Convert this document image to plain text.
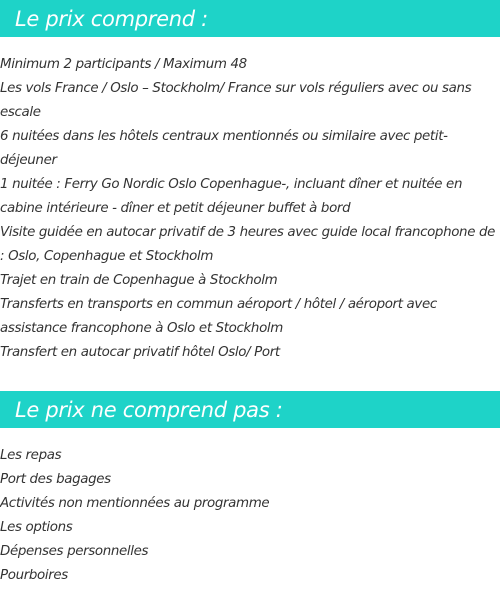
Le prix comprend :
Minimum 2 participants / Maximum 48
Les vols France / Oslo – Stockholm/ France sur vols réguliers avec ou sans escale
6 nuitées dans les hôtels centraux mentionnés ou similaire avec petit-déjeuner
1 nuitée : Ferry Go Nordic Oslo Copenhague-, incluant dîner et nuitée en cabine intérieure - dîner et petit déjeuner buffet à bord
Visite guidée en autocar privatif de 3 heures avec guide local francophone de : Oslo, Copenhague et Stockholm
Trajet en train de Copenhague à Stockholm
Transferts en transports en commun aéroport / hôtel / aéroport avec assistance francophone à Oslo et Stockholm
Transfert en autocar privatif hôtel Oslo/ Port
Le prix ne comprend pas :
Les repas
Port des bagages
Activités non mentionnées au programme
Les options
Dépenses personnelles
Pourboires
